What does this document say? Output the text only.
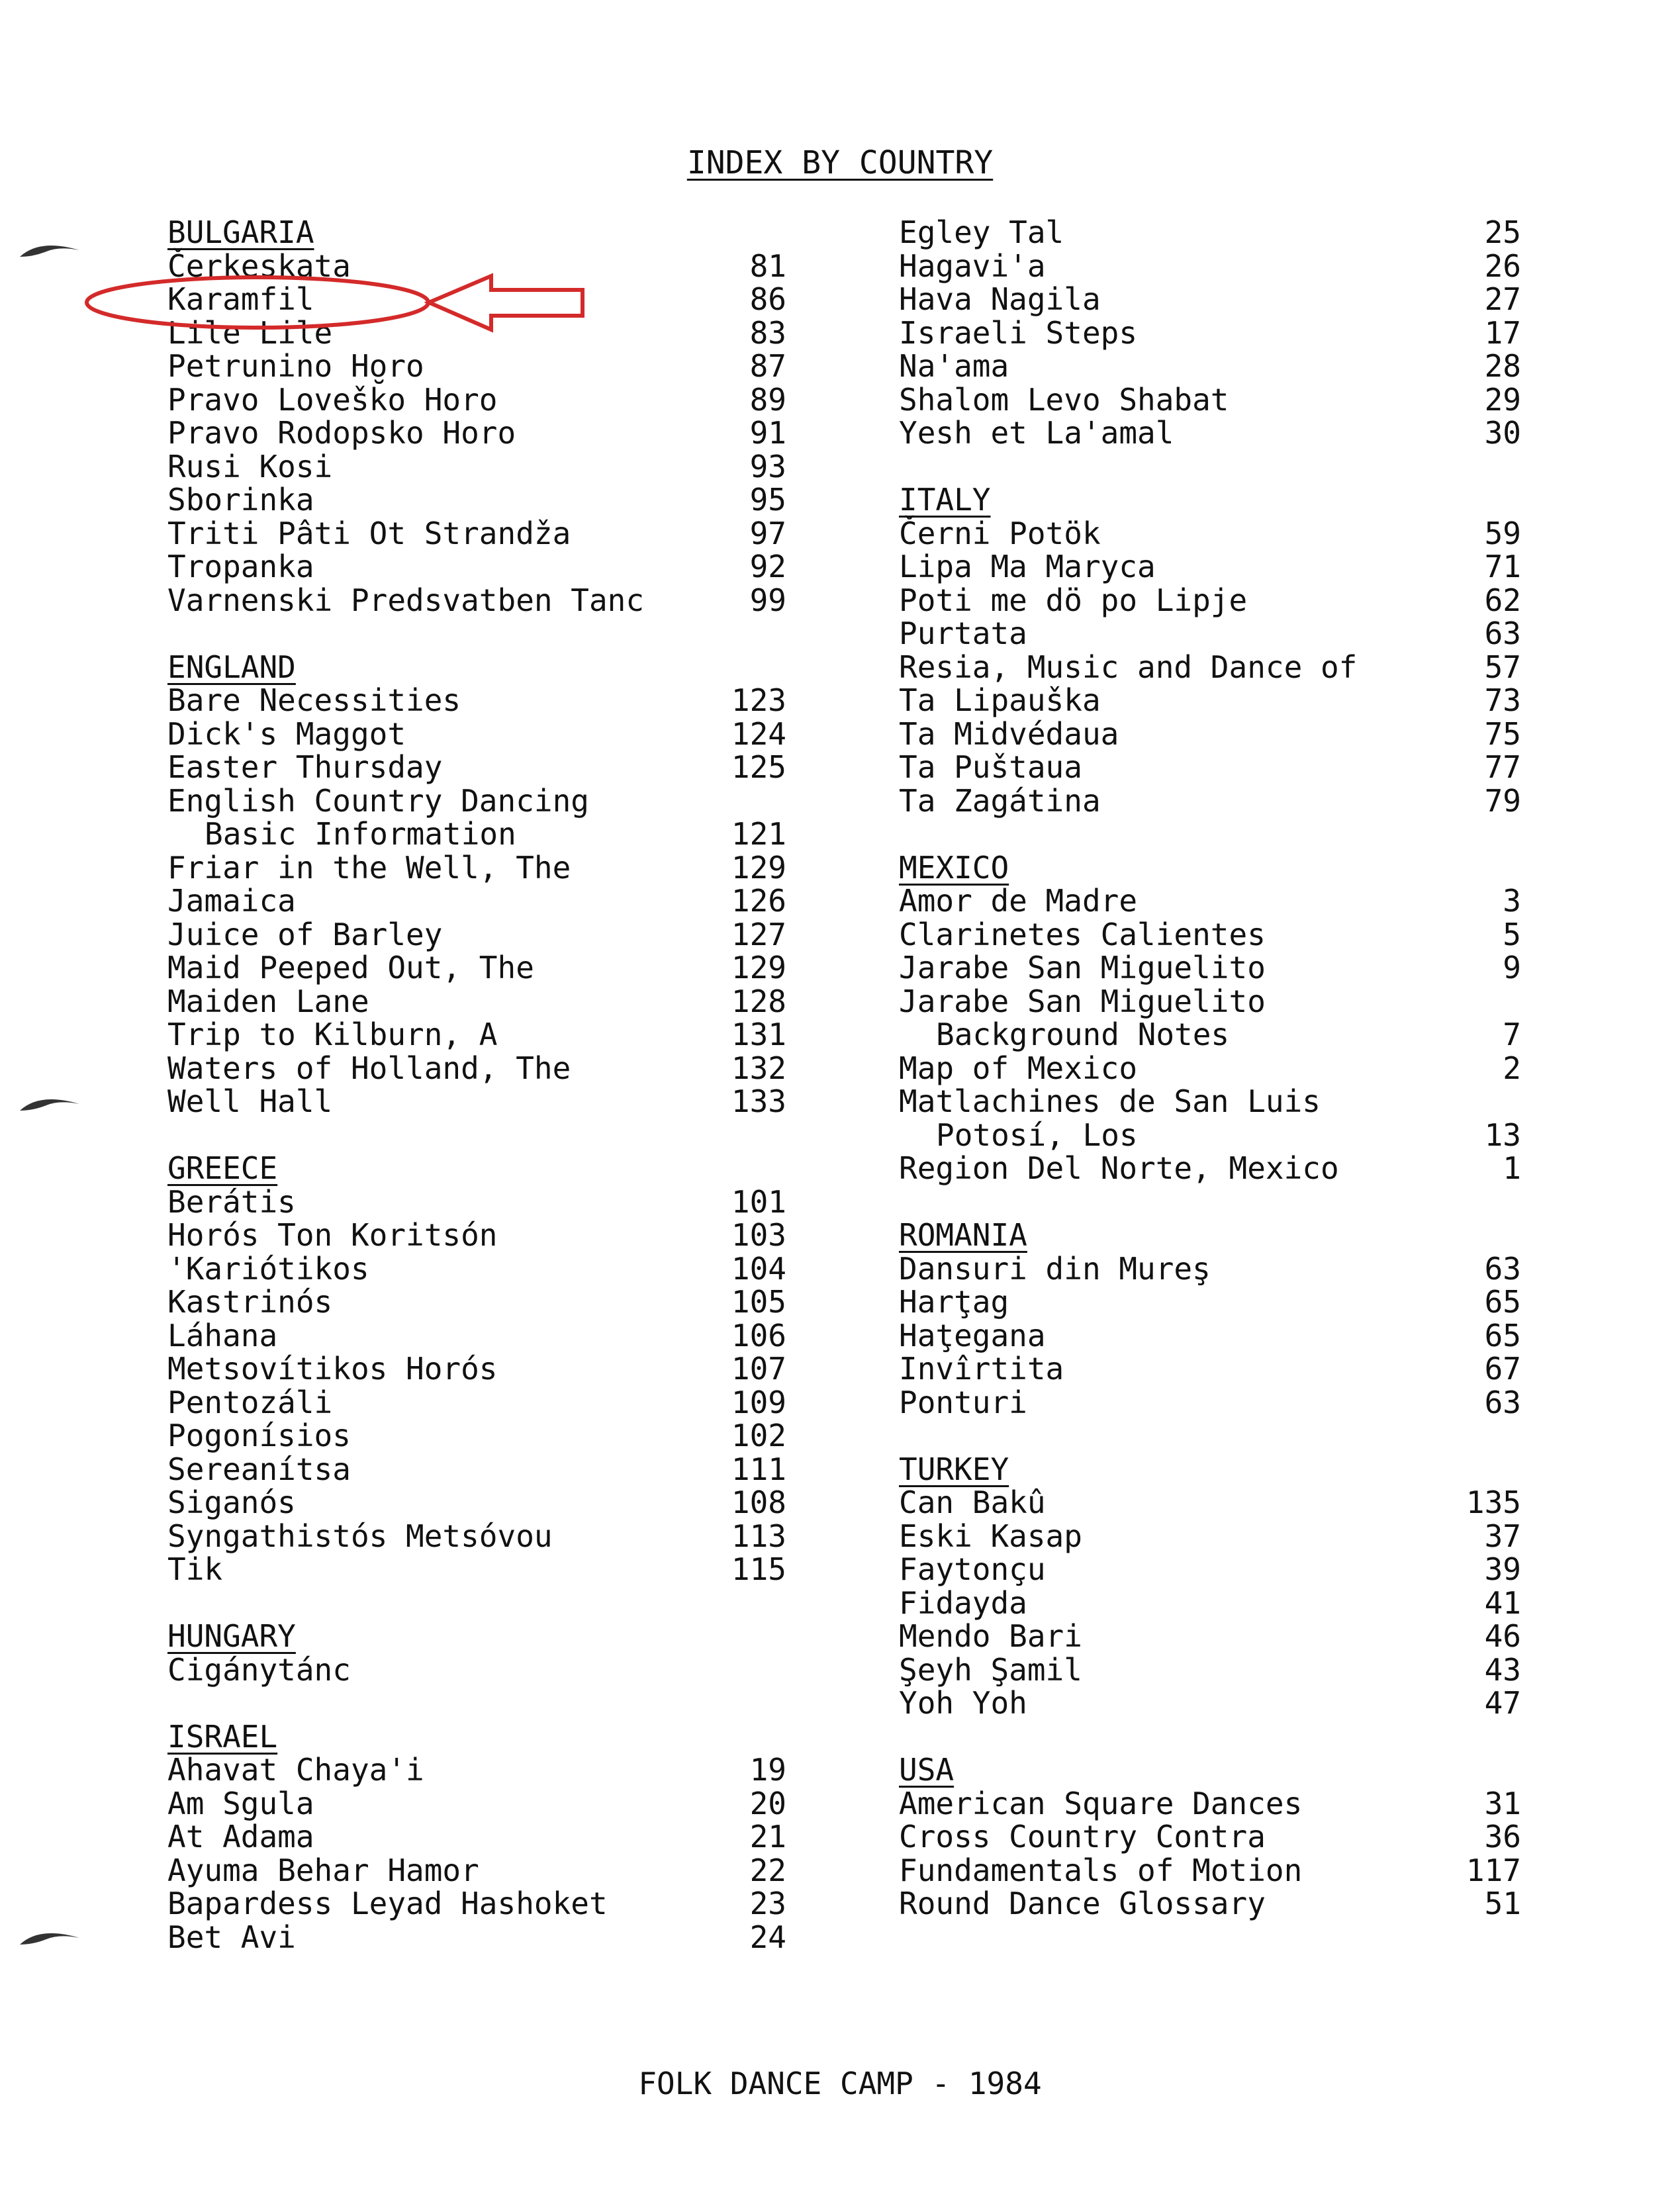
INDEX BY COUNTRY
BULGARIA
Čerkeskata	81
Karamfil	86
Lile Lile	83
Petrunino Horo	87
Pravo Lovešk̆o Horo	89
Pravo Rodopsko Horo	91
Rusi Kosi	93
Sborinka	95
Triti Pâti Ot Strandža	97
Tropanka	92
Varnenski Predsvatben Tanc	99
ENGLAND
Bare Necessities	123
Dick's Maggot	124
Easter Thursday	125
English Country Dancing
Basic Information	121
Friar in the Well, The	129
Jamaica	126
Juice of Barley	127
Maid Peeped Out, The	129
Maiden Lane	128
Trip to Kilburn, A	131
Waters of Holland, The	132
Well Hall	133
GREECE
Berátis	101
Horós Ton Koritsón	103
'Kariótikos	104
Kastrinós	105
Láhana	106
Metsovítikos Horós	107
Pentozáli	109
Pogonísios	102
Sereanítsa	111
Siganós	108
Syngathistós Metsóvou	113
Tik	115
HUNGARY
Cigánytánc
ISRAEL
Ahavat Chaya'i	19
Am Sgula	20
At Adama	21
Ayuma Behar Hamor	22
Bapardess Leyad Hashoket	23
Bet Avi	24
Egley Tal	25
Hagavi'a	26
Hava Nagila	27
Israeli Steps	17
Na'ama	28
Shalom Levo Shabat	29
Yesh et La'amal	30
ITALY
Černi Potök	59
Lipa Ma Maryca	71
Poti me dö po Lipje	62
Purtata	63
Resia, Music and Dance of	57
Ta Lipauška	73
Ta Midvédaua	75
Ta Puštaua	77
Ta Zagátina	79
MEXICO
Amor de Madre	3
Clarinetes Calientes	5
Jarabe San Miguelito	9
Jarabe San Miguelito
Background Notes	7
Map of Mexico	2
Matlachines de San Luis
Potosí, Los	13
Region Del Norte, Mexico	1
ROMANIA
Dansuri din Mureş	63
Harţag	65
Haţegana	65
Invîrtita	67
Ponturi	63
TURKEY
Can Bakû	135
Eski Kasap	37
Faytonçu	39
Fidayda	41
Mendo Bari	46
Şeyh Şamil	43
Yoh Yoh	47
USA
American Square Dances	31
Cross Country Contra	36
Fundamentals of Motion	117
Round Dance Glossary	51
FOLK DANCE CAMP - 1984
